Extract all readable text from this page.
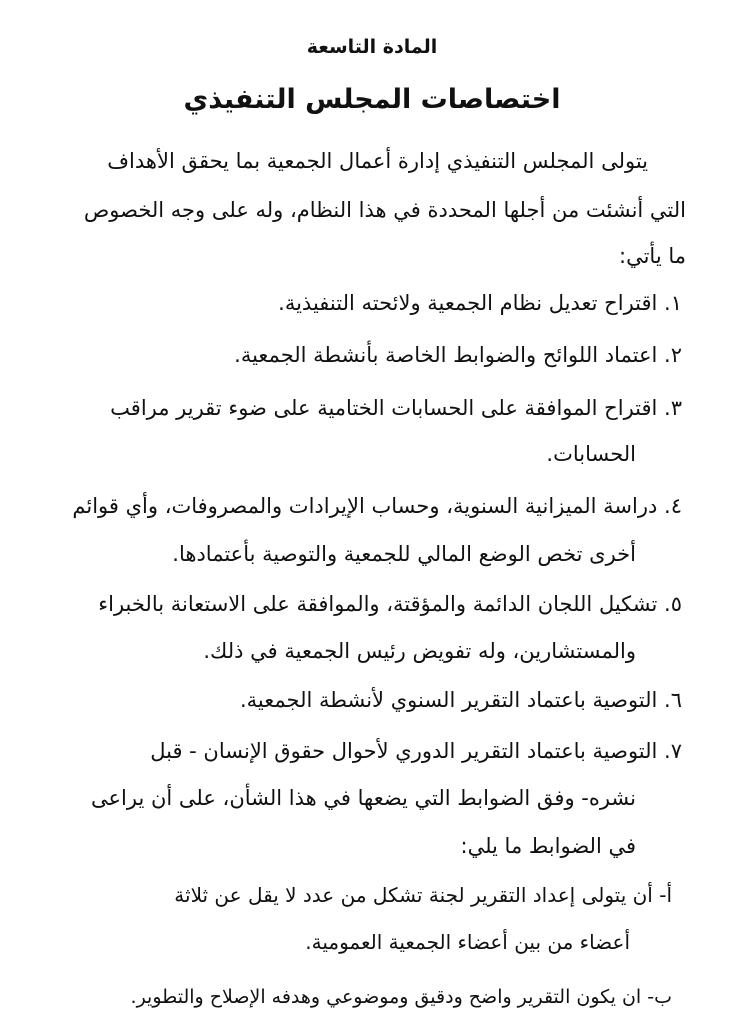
المادة التاسعة
اختصاصات المجلس التنفيذي
يتولى المجلس التنفيذي إدارة أعمال الجمعية بما يحقق الأهداف
التي أنشئت من أجلها المحددة في هذا النظام، وله على وجه الخصوص
ما يأتي:
١. اقتراح تعديل نظام الجمعية ولائحته التنفيذية.
٢. اعتماد اللوائح والضوابط الخاصة بأنشطة الجمعية.
٣. اقتراح الموافقة على الحسابات الختامية على ضوء تقرير مراقب
الحسابات.
٤. دراسة الميزانية السنوية، وحساب الإيرادات والمصروفات، وأي قوائم
أخرى تخص الوضع المالي للجمعية والتوصية بأعتمادها.
٥. تشكيل اللجان الدائمة والمؤقتة، والموافقة على الاستعانة بالخبراء
والمستشارين، وله تفويض رئيس الجمعية في ذلك.
٦. التوصية باعتماد التقرير السنوي لأنشطة الجمعية.
٧. التوصية باعتماد التقرير الدوري لأحوال حقوق الإنسان - قبل
نشره- وفق الضوابط التي يضعها في هذا الشأن، على أن يراعى
في الضوابط ما يلي:
أ- أن يتولى إعداد التقرير لجنة تشكل من عدد لا يقل عن ثلاثة
أعضاء من بين أعضاء الجمعية العمومية.
ب- ان يكون التقرير واضح ودقيق وموضوعي وهدفه الإصلاح والتطوير.
